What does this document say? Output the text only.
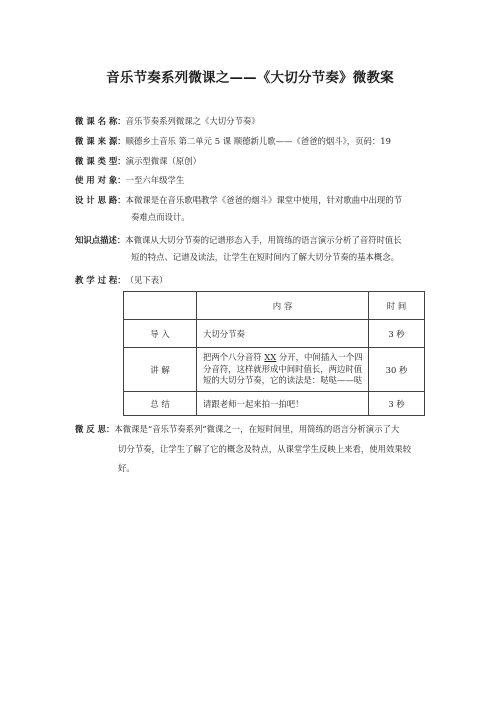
音乐节奏系列微课之——《大切分节奏》微教案
微 课 名 称：音乐节奏系列微课之《大切分节奏》
微 课 来 源：顺德乡土音乐 第二单元 5 课 顺德新儿歌——《爸爸的烟斗》，页码：19
微 课 类 型：演示型微课（原创）
使 用 对 象：一至六年级学生
设 计 思 路：本微课是在音乐歌唱教学《爸爸的烟斗》课堂中使用，针对歌曲中出现的节
奏难点而设计。
知识点描述：本微课从大切分节奏的记谱形态入手，用简练的语言演示分析了音符时值长
短的特点、记谱及读法，让学生在短时间内了解大切分节奏的基本概念。
教 学 过 程：（见下表）
	内 容	时 间
导 入	大切分节奏	3 秒
讲 解	把两个八分音符 XX 分开，中间插入一个四
分音符，这样就形成中间时值长，两边时值
短的大切分节奏，它的读法是：哒哒——哒	30 秒
总 结	请跟老师一起来拍一拍吧！	3 秒
微 反 思：本微课是“音乐节奏系列”微课之一，在短时间里，用简练的语言分析演示了大
切分节奏，让学生了解了它的概念及特点，从课堂学生反映上来看，使用效果较
好。
